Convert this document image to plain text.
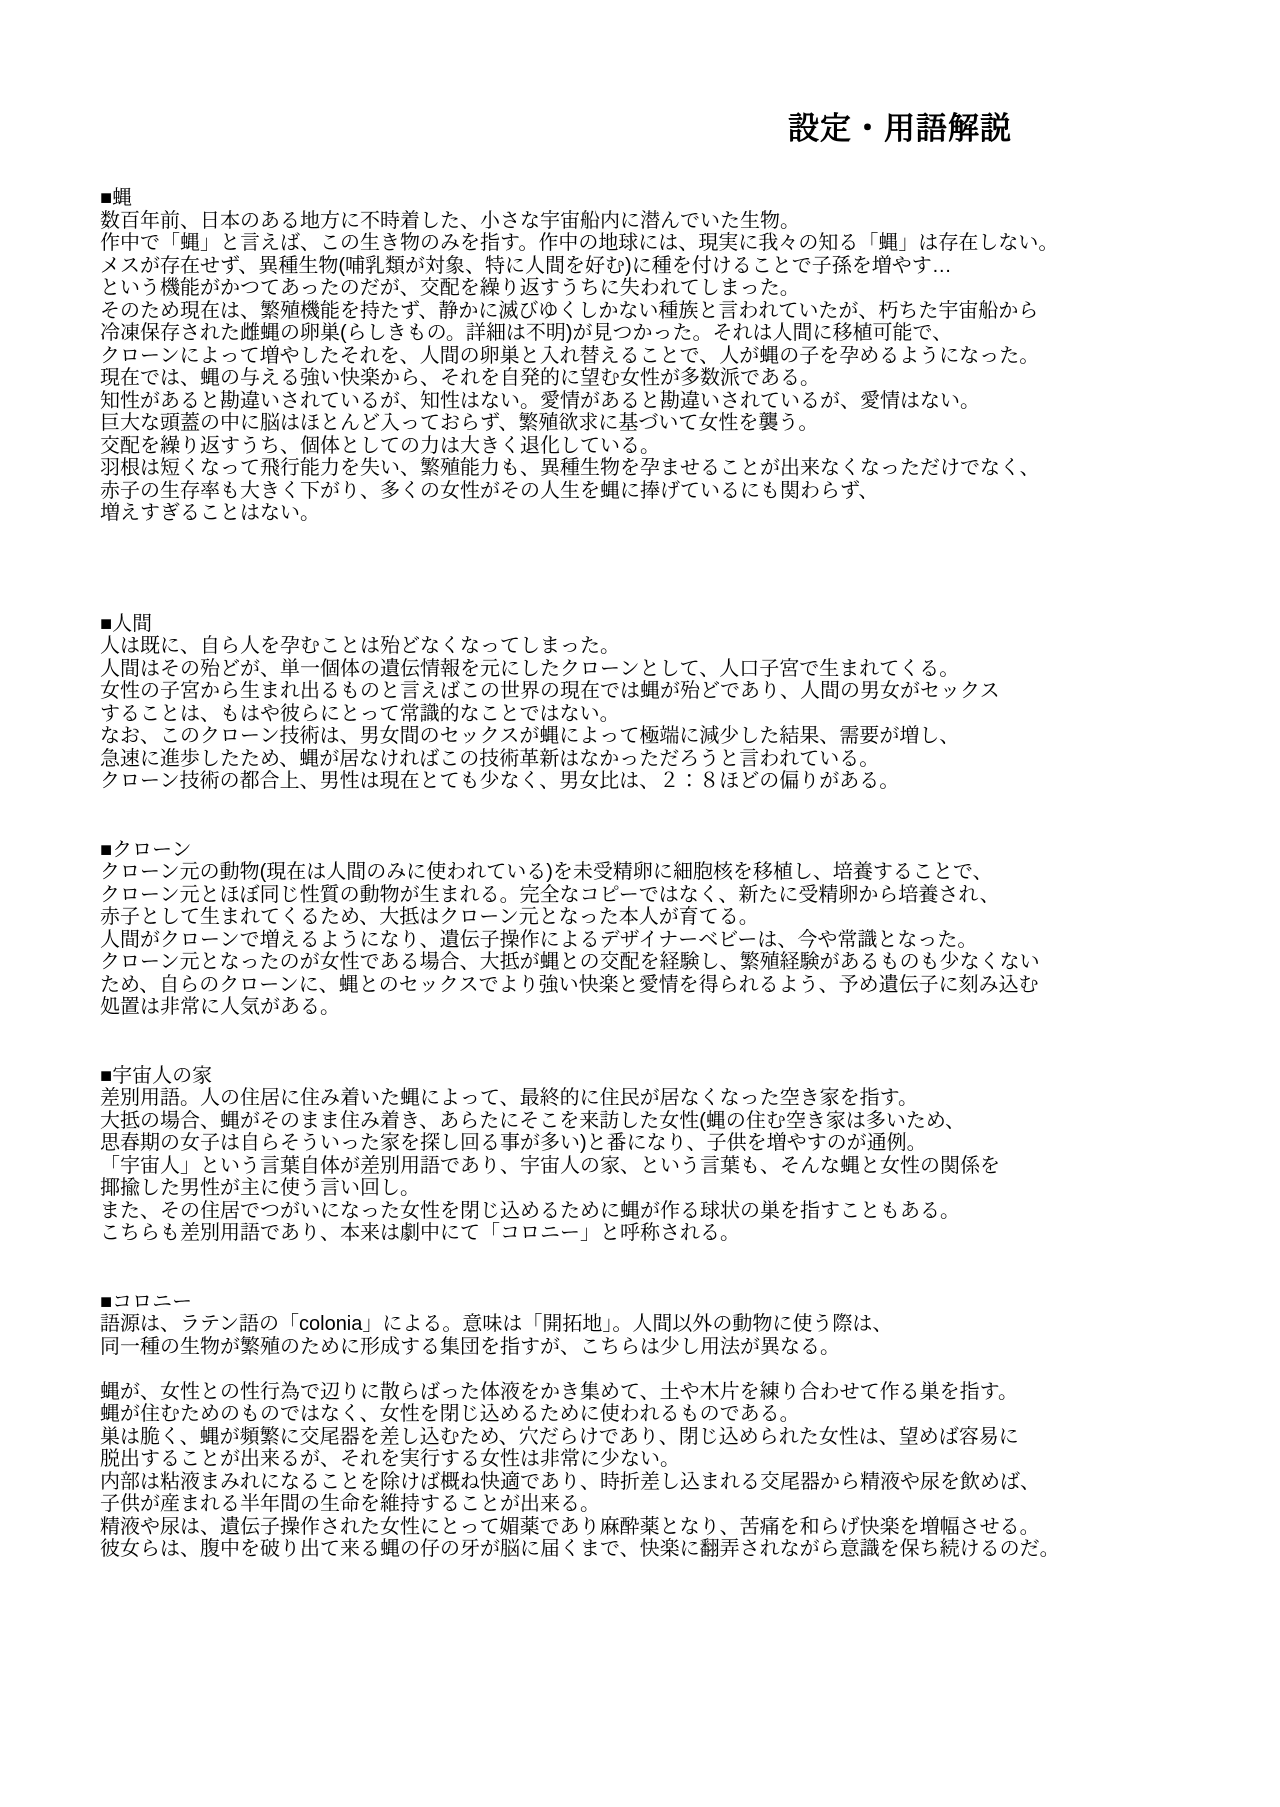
設定・用語解説
■蝿
数百年前、日本のある地方に不時着した、小さな宇宙船内に潜んでいた生物。
作中で「蝿」と言えば、この生き物のみを指す。作中の地球には、現実に我々の知る「蝿」は存在しない。
メスが存在せず、異種生物(哺乳類が対象、特に人間を好む)に種を付けることで子孫を増やす…
という機能がかつてあったのだが、交配を繰り返すうちに失われてしまった。
そのため現在は、繁殖機能を持たず、静かに滅びゆくしかない種族と言われていたが、朽ちた宇宙船から
冷凍保存された雌蝿の卵巣(らしきもの。詳細は不明)が見つかった。それは人間に移植可能で、
クローンによって増やしたそれを、人間の卵巣と入れ替えることで、人が蝿の子を孕めるようになった。
現在では、蝿の与える強い快楽から、それを自発的に望む女性が多数派である。
知性があると勘違いされているが、知性はない。愛情があると勘違いされているが、愛情はない。
巨大な頭蓋の中に脳はほとんど入っておらず、繁殖欲求に基づいて女性を襲う。
交配を繰り返すうち、個体としての力は大きく退化している。
羽根は短くなって飛行能力を失い、繁殖能力も、異種生物を孕ませることが出来なくなっただけでなく、
赤子の生存率も大きく下がり、多くの女性がその人生を蝿に捧げているにも関わらず、
増えすぎることはない。
■人間
人は既に、自ら人を孕むことは殆どなくなってしまった。
人間はその殆どが、単一個体の遺伝情報を元にしたクローンとして、人口子宮で生まれてくる。
女性の子宮から生まれ出るものと言えばこの世界の現在では蝿が殆どであり、人間の男女がセックス
することは、もはや彼らにとって常識的なことではない。
なお、このクローン技術は、男女間のセックスが蝿によって極端に減少した結果、需要が増し、
急速に進歩したため、蝿が居なければこの技術革新はなかっただろうと言われている。
クローン技術の都合上、男性は現在とても少なく、男女比は、２：８ほどの偏りがある。
■クローン
クローン元の動物(現在は人間のみに使われている)を未受精卵に細胞核を移植し、培養することで、
クローン元とほぼ同じ性質の動物が生まれる。完全なコピーではなく、新たに受精卵から培養され、
赤子として生まれてくるため、大抵はクローン元となった本人が育てる。
人間がクローンで増えるようになり、遺伝子操作によるデザイナーベビーは、今や常識となった。
クローン元となったのが女性である場合、大抵が蝿との交配を経験し、繁殖経験があるものも少なくない
ため、自らのクローンに、蝿とのセックスでより強い快楽と愛情を得られるよう、予め遺伝子に刻み込む
処置は非常に人気がある。
■宇宙人の家
差別用語。人の住居に住み着いた蝿によって、最終的に住民が居なくなった空き家を指す。
大抵の場合、蝿がそのまま住み着き、あらたにそこを来訪した女性(蝿の住む空き家は多いため、
思春期の女子は自らそういった家を探し回る事が多い)と番になり、子供を増やすのが通例。
「宇宙人」という言葉自体が差別用語であり、宇宙人の家、という言葉も、そんな蝿と女性の関係を
揶揄した男性が主に使う言い回し。
また、その住居でつがいになった女性を閉じ込めるために蝿が作る球状の巣を指すこともある。
こちらも差別用語であり、本来は劇中にて「コロニー」と呼称される。
■コロニー
語源は、ラテン語の「colonia」による。意味は「開拓地」。人間以外の動物に使う際は、
同一種の生物が繁殖のために形成する集団を指すが、こちらは少し用法が異なる。

蝿が、女性との性行為で辺りに散らばった体液をかき集めて、土や木片を練り合わせて作る巣を指す。
蝿が住むためのものではなく、女性を閉じ込めるために使われるものである。
巣は脆く、蝿が頻繁に交尾器を差し込むため、穴だらけであり、閉じ込められた女性は、望めば容易に
脱出することが出来るが、それを実行する女性は非常に少ない。
内部は粘液まみれになることを除けば概ね快適であり、時折差し込まれる交尾器から精液や尿を飲めば、
子供が産まれる半年間の生命を維持することが出来る。
精液や尿は、遺伝子操作された女性にとって媚薬であり麻酔薬となり、苦痛を和らげ快楽を増幅させる。
彼女らは、腹中を破り出て来る蝿の仔の牙が脳に届くまで、快楽に翻弄されながら意識を保ち続けるのだ。
